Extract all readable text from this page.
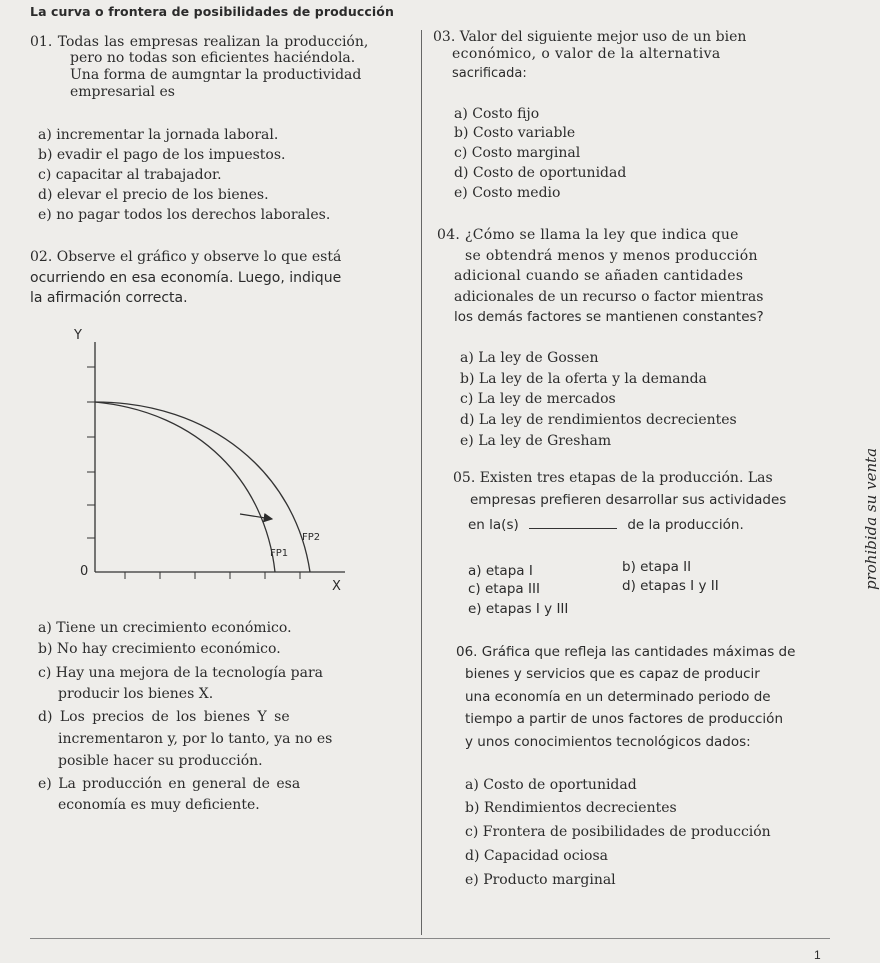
La curva o frontera de posibilidades de producción
01. Todas las empresas realizan la producción,
pero no todas son eficientes haciéndola.
Una forma de aumgntar la productividad
empresarial es
a) incrementar la jornada laboral.
b) evadir el pago de los impuestos.
c) capacitar al trabajador.
d) elevar el precio de los bienes.
e) no pagar todos los derechos laborales.
02. Observe el gráfico y observe lo que está
ocurriendo en esa economía. Luego, indique
la afirmación correcta.
Y
FP2
FP1
0
X
a) Tiene un crecimiento económico.
b) No hay crecimiento económico.
c) Hay una mejora de la tecnología para
producir los bienes X.
d) Los precios de los bienes Y se
incrementaron y, por lo tanto, ya no es
posible hacer su producción.
e) La producción en general de esa
economía es muy deficiente.
03. Valor del siguiente mejor uso de un bien
económico, o valor de la alternativa
sacrificada:
a) Costo fijo
b) Costo variable
c) Costo marginal
d) Costo de oportunidad
e) Costo medio
04. ¿Cómo se llama la ley que indica que
se obtendrá menos y menos producción
adicional cuando se añaden cantidades
adicionales de un recurso o factor mientras
los demás factores se mantienen constantes?
a) La ley de Gossen
b) La ley de la oferta y la demanda
c) La ley de mercados
d) La ley de rendimientos decrecientes
e) La ley de Gresham
05. Existen tres etapas de la producción. Las
empresas prefieren desarrollar sus actividades
en la(s)	de la producción.
a) etapa I	b) etapa II
c) etapa III	d) etapas I y II
e) etapas I y III
06. Gráfica que refleja las cantidades máximas de
bienes y servicios que es capaz de producir
una economía en un determinado periodo de
tiempo a partir de unos factores de producción
y unos conocimientos tecnológicos dados:
a) Costo de oportunidad
b) Rendimientos decrecientes
c) Frontera de posibilidades de producción
d) Capacidad ociosa
e) Producto marginal
prohibida su venta
1
